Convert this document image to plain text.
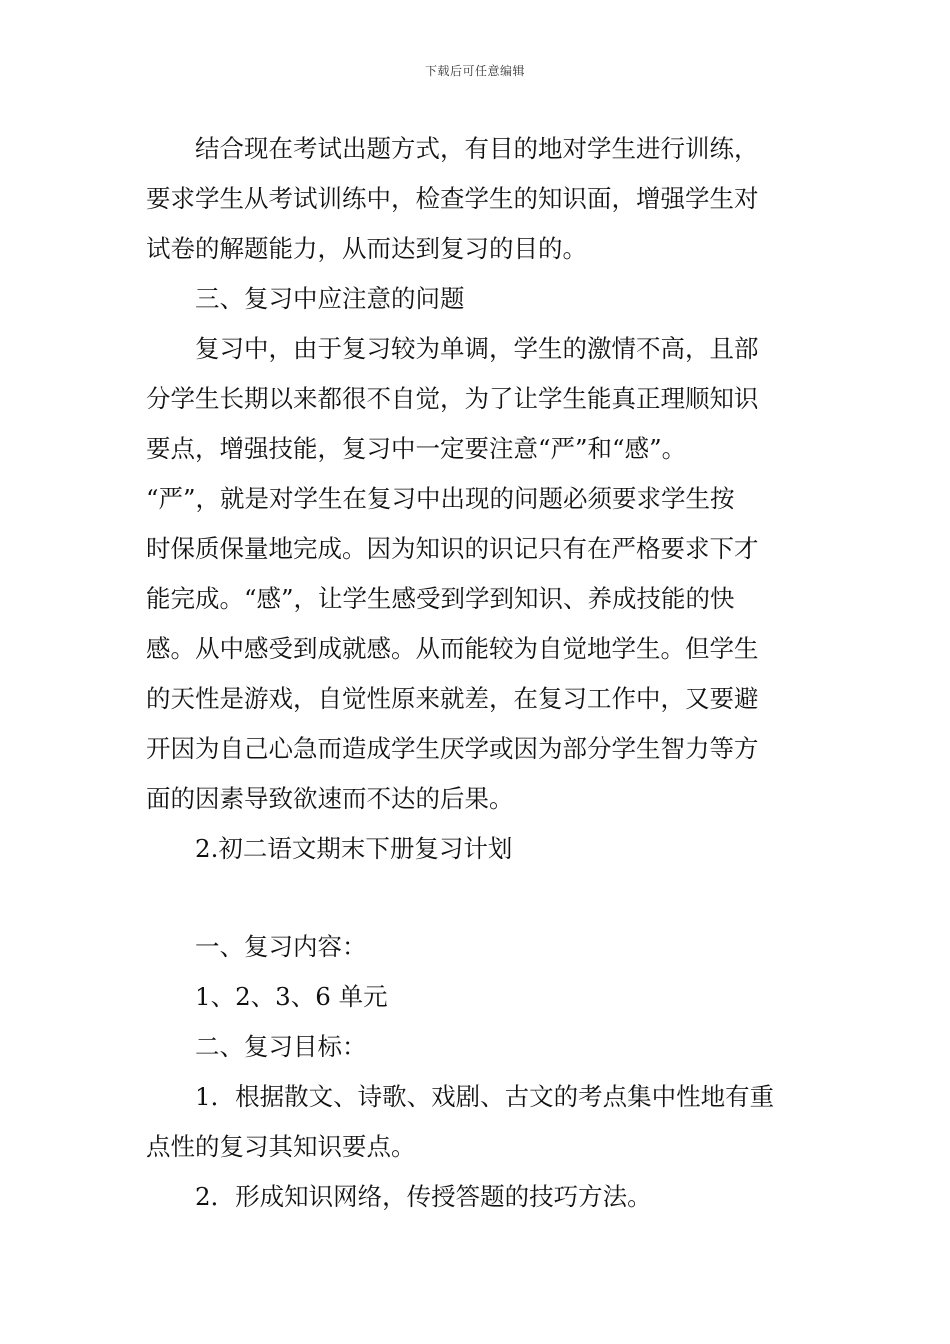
下载后可任意编辑
结合现在考试出题方式，有目的地对学生进行训练，
要求学生从考试训练中，检查学生的知识面，增强学生对
试卷的解题能力，从而达到复习的目的。
三、复习中应注意的问题
复习中，由于复习较为单调，学生的激情不高，且部
分学生长期以来都很不自觉，为了让学生能真正理顺知识
要点，增强技能，复习中一定要注意“严”和“感”。
“严”，就是对学生在复习中出现的问题必须要求学生按
时保质保量地完成。因为知识的识记只有在严格要求下才
能完成。“感”，让学生感受到学到知识、养成技能的快
感。从中感受到成就感。从而能较为自觉地学生。但学生
的天性是游戏，自觉性原来就差，在复习工作中，又要避
开因为自己心急而造成学生厌学或因为部分学生智力等方
面的因素导致欲速而不达的后果。
2.初二语文期末下册复习计划
一、复习内容：
1、2、3、6 单元
二、复习目标：
1．根据散文、诗歌、戏剧、古文的考点集中性地有重
点性的复习其知识要点。
2．形成知识网络，传授答题的技巧方法。
